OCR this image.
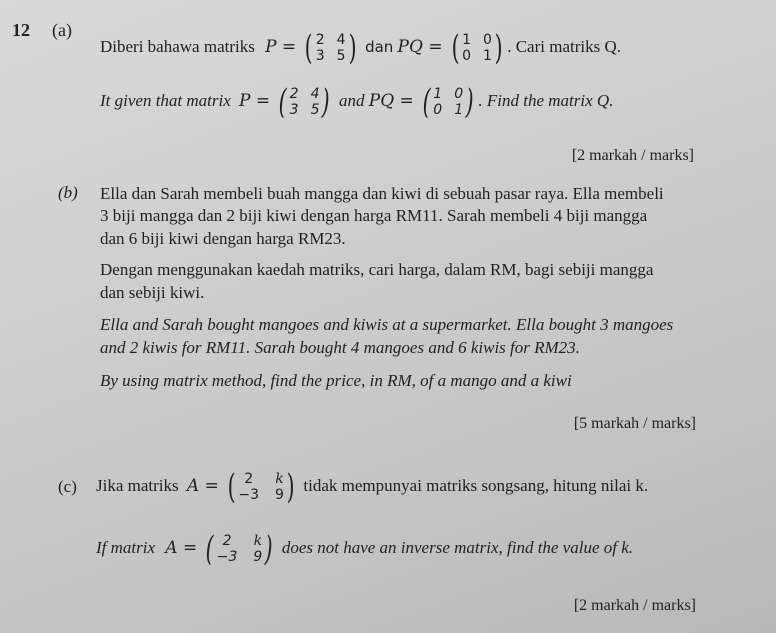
12 (a)
Diberi bahawa matriks P = ( 2 4
3 5 ) dan PQ = ( 1 0
0 1 ) . Cari matriks Q.
It given that matrix P = ( 2 4
3 5 ) and PQ = ( 1 0
0 1 ) . Find the matrix Q.
[2 markah / marks]
(b) Ella dan Sarah membeli buah mangga dan kiwi di sebuah pasar raya. Ella membeli
3 biji mangga dan 2 biji kiwi dengan harga RM11. Sarah membeli 4 biji mangga
dan 6 biji kiwi dengan harga RM23.
Dengan menggunakan kaedah matriks, cari harga, dalam RM, bagi sebiji mangga
dan sebiji kiwi.
Ella and Sarah bought mangoes and kiwis at a supermarket. Ella bought 3 mangoes
and 2 kiwis for RM11. Sarah bought 4 mangoes and 6 kiwis for RM23.
By using matrix method, find the price, in RM, of a mango and a kiwi
[5 markah / marks]
(c) Jika matriks A = ( 2	k
−3 9 ) tidak mempunyai matriks songsang, hitung nilai k.
If matrix A = ( 2	k
−3 9 ) does not have an inverse matrix, find the value of k.
[2 markah / marks]
